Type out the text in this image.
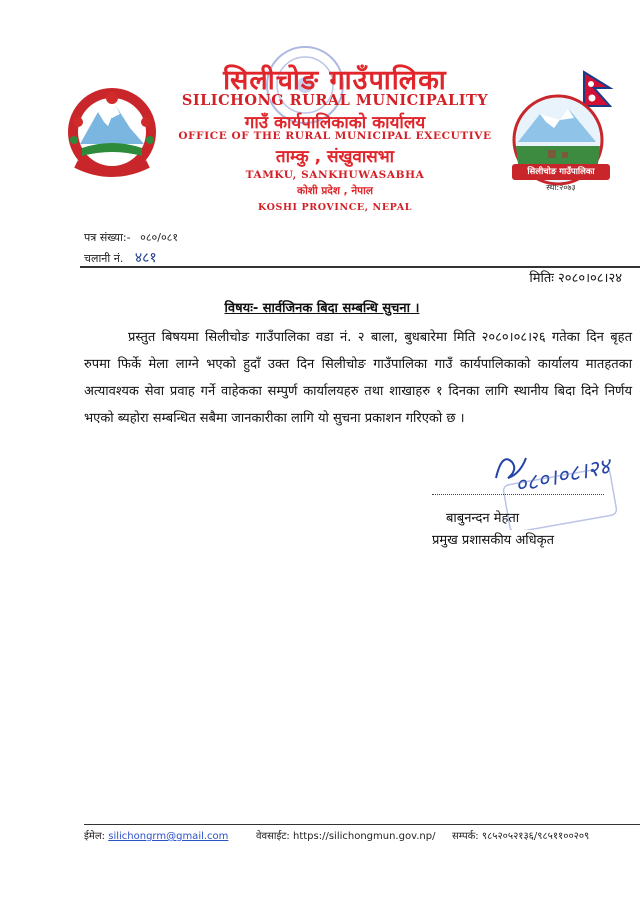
सिलीचोङ गाउँपालिका
स्था:२०७३
सिलीचोङ गाउँपालिका
SILICHONG RURAL MUNICIPALITY
गाउँ कार्यपालिकाको कार्यालय
OFFICE OF THE RURAL MUNICIPAL EXECUTIVE
ताम्कु , संखुवासभा
TAMKU, SANKHUWASABHA
कोशी प्रदेश , नेपाल
KOSHI PROVINCE, NEPAL
पत्र संख्या:- ०८०/०८१
चलानी नं. ४८१
मितिः २०८०।०८।२४
विषयः- सार्वजिनक बिदा सम्बन्धि सुचना ।
प्रस्तुत बिषयमा सिलीचोङ गाउँपालिका वडा नं. २ बाला, बुधबारेमा मिति २०८०।०८।२६ गतेका दिन बृहत रुपमा फिर्के मेला लाग्ने भएको हुदाँ उक्त दिन सिलीचोङ गाउँपालिका गाउँ कार्यपालिकाको कार्यालय मातहतका अत्यावश्यक सेवा प्रवाह गर्ने वाहेकका सम्पुर्ण कार्यालयहरु तथा शाखाहरु १ दिनका लागि स्थानीय बिदा दिने निर्णय भएको ब्यहोरा सम्बन्धित सबैमा जानकारीका लागि यो सुचना प्रकाशन गरिएको छ ।
०८०।०८।२४
बाबुनन्दन मेहता
प्रमुख प्रशासकीय अधिकृत
ईमेल: silichongrm@gmail.com	वेवसाईट: https://silichongmun.gov.np/ सम्पर्क: ९८५२०५२१३६/९८५११००२०९
